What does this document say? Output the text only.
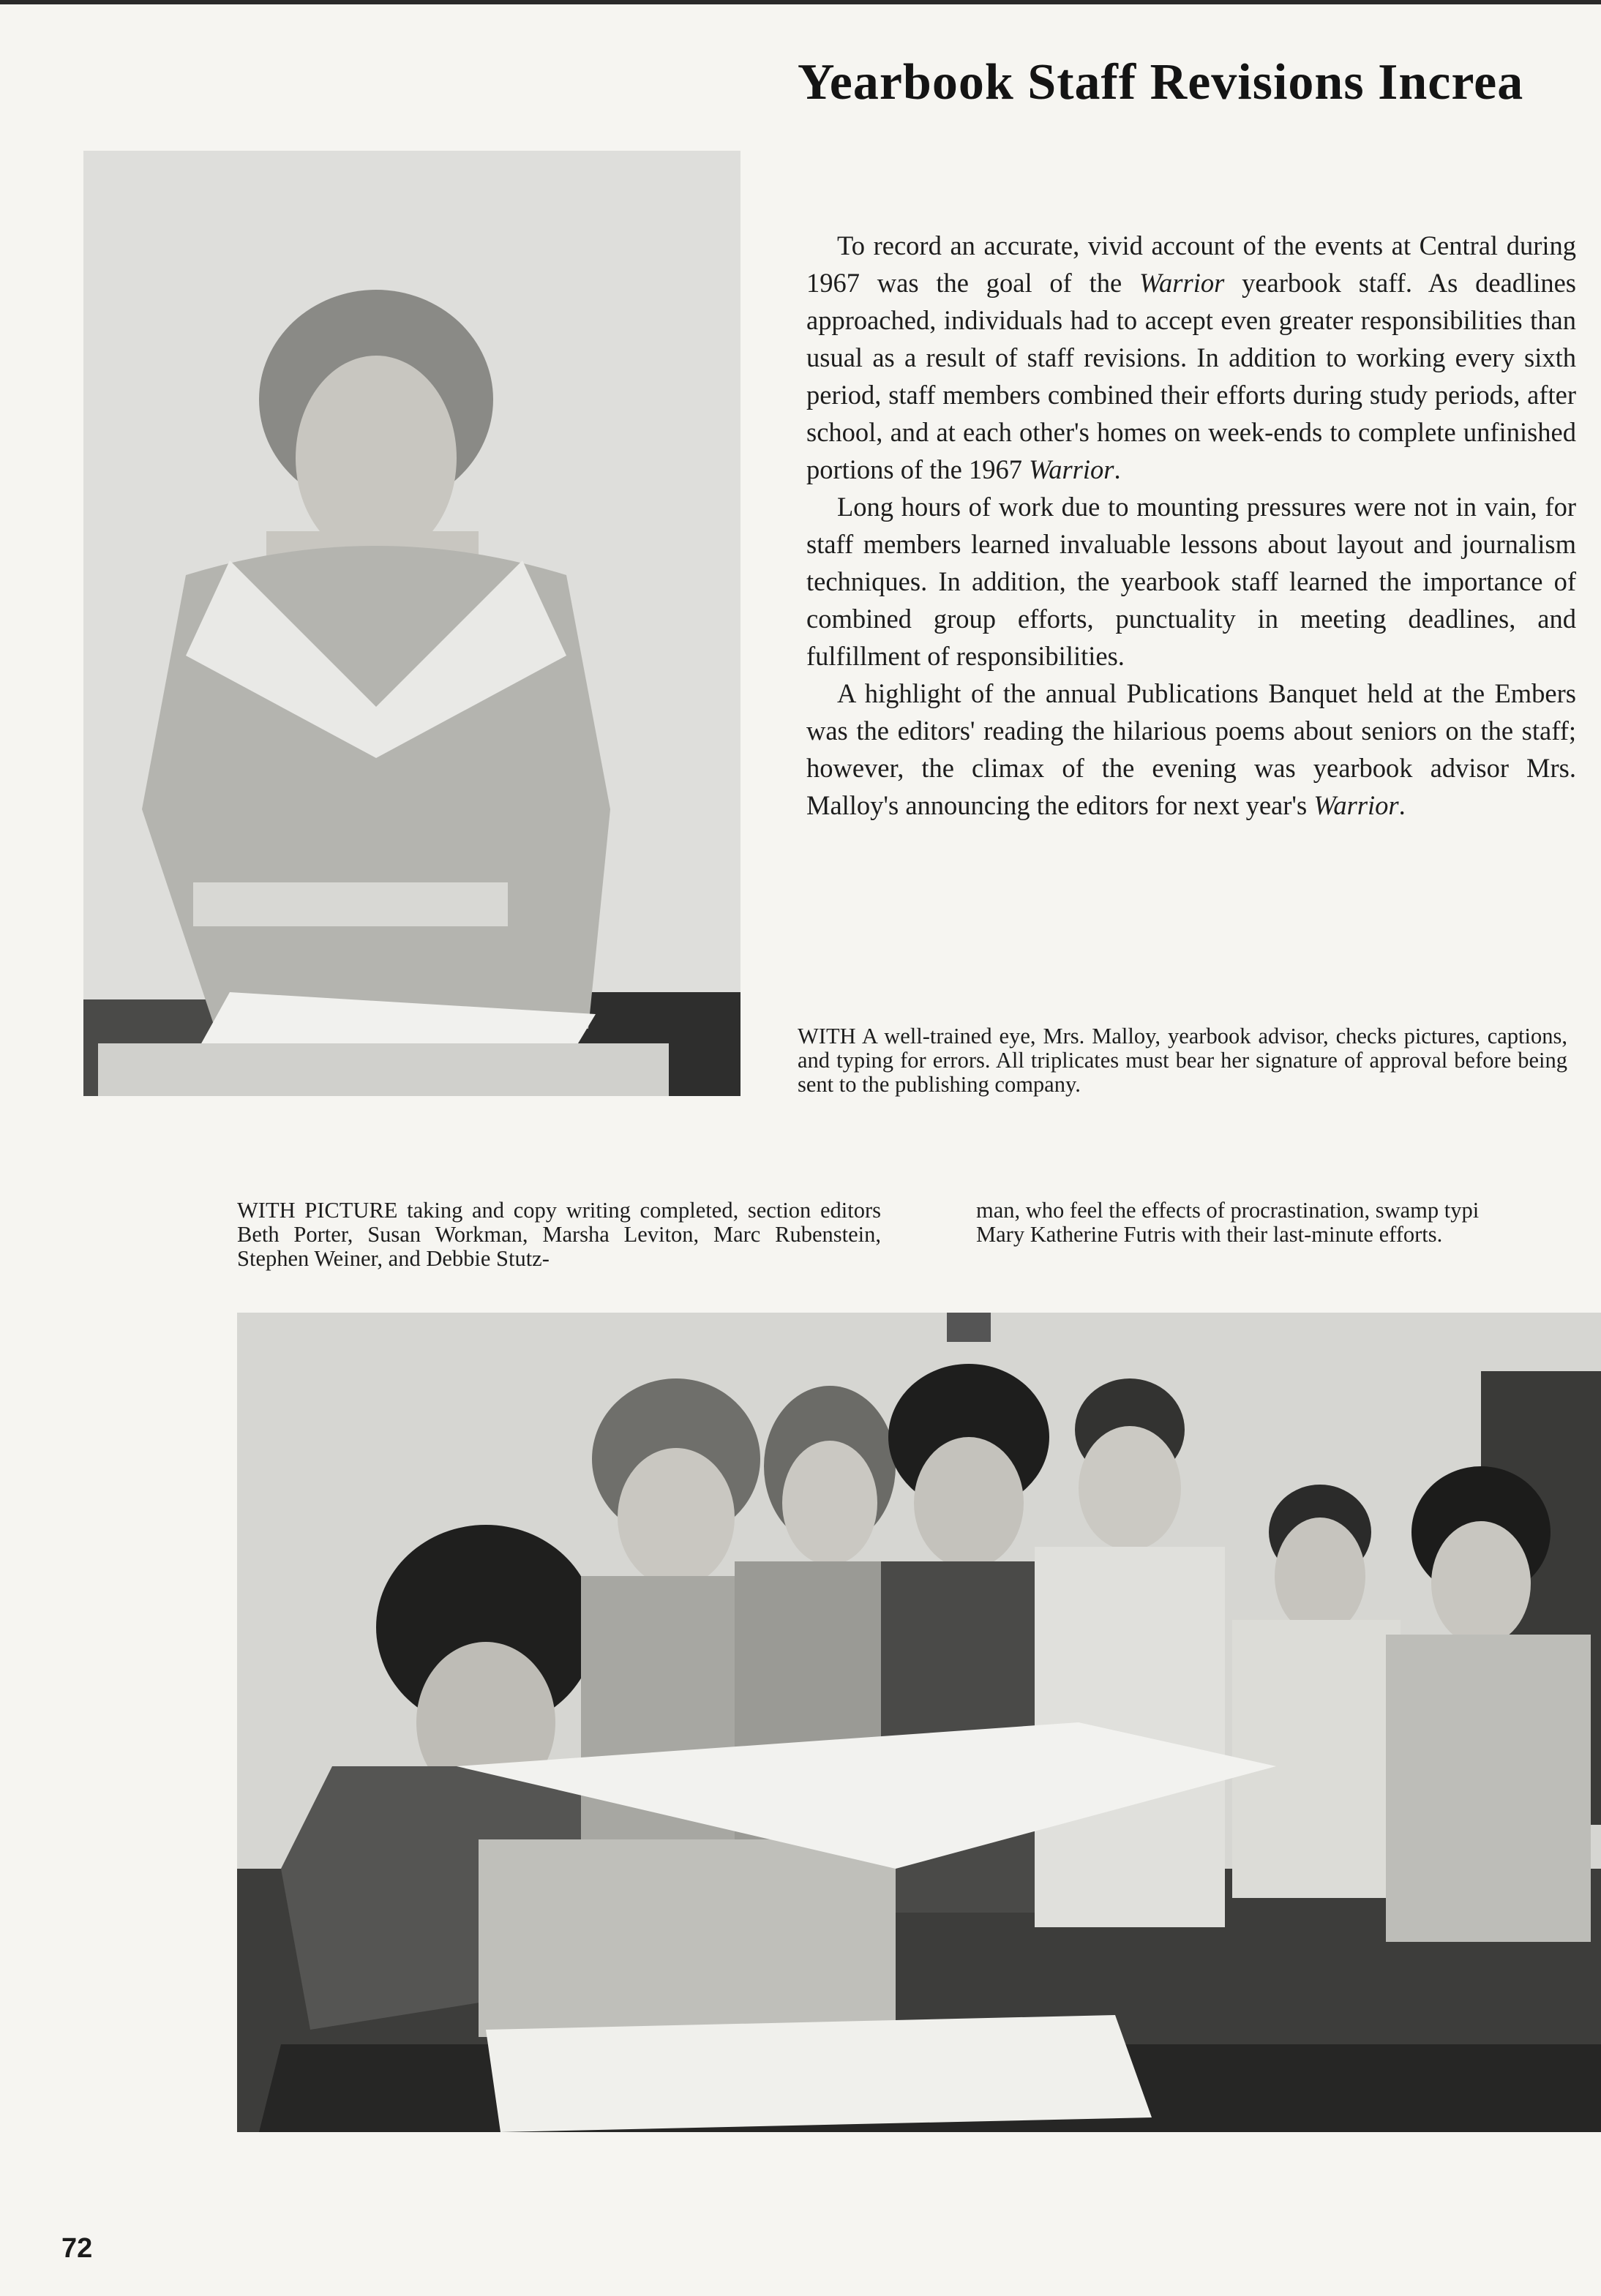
Yearbook Staff Revisions Increa

To record an accurate, vivid account of the events at Central during 1967 was the goal of the Warrior yearbook staff. As deadlines approached, individuals had to accept even greater responsibilities than usual as a result of staff revisions. In addition to working every sixth period, staff members combined their efforts during study periods, after school, and at each other's homes on week-ends to complete unfinished portions of the 1967 Warrior.

Long hours of work due to mounting pressures were not in vain, for staff members learned invaluable lessons about layout and journalism techniques. In addition, the yearbook staff learned the importance of combined group efforts, punctuality in meeting deadlines, and fulfillment of responsibilities.

A highlight of the annual Publications Banquet held at the Embers was the editors' reading the hilarious poems about seniors on the staff; however, the climax of the evening was yearbook advisor Mrs. Malloy's announcing the editors for next year's Warrior.

WITH A well-trained eye, Mrs. Malloy, yearbook advisor, checks pictures, captions, and typing for errors. All triplicates must bear her signature of approval before being sent to the publishing company.
WITH PICTURE taking and copy writing completed, section editors Beth Porter, Susan Workman, Marsha Leviton, Marc Rubenstein, Stephen Weiner, and Debbie Stutz-
man, who feel the effects of procrastination, swamp typi
Mary Katherine Futris with their last-minute efforts.
72
